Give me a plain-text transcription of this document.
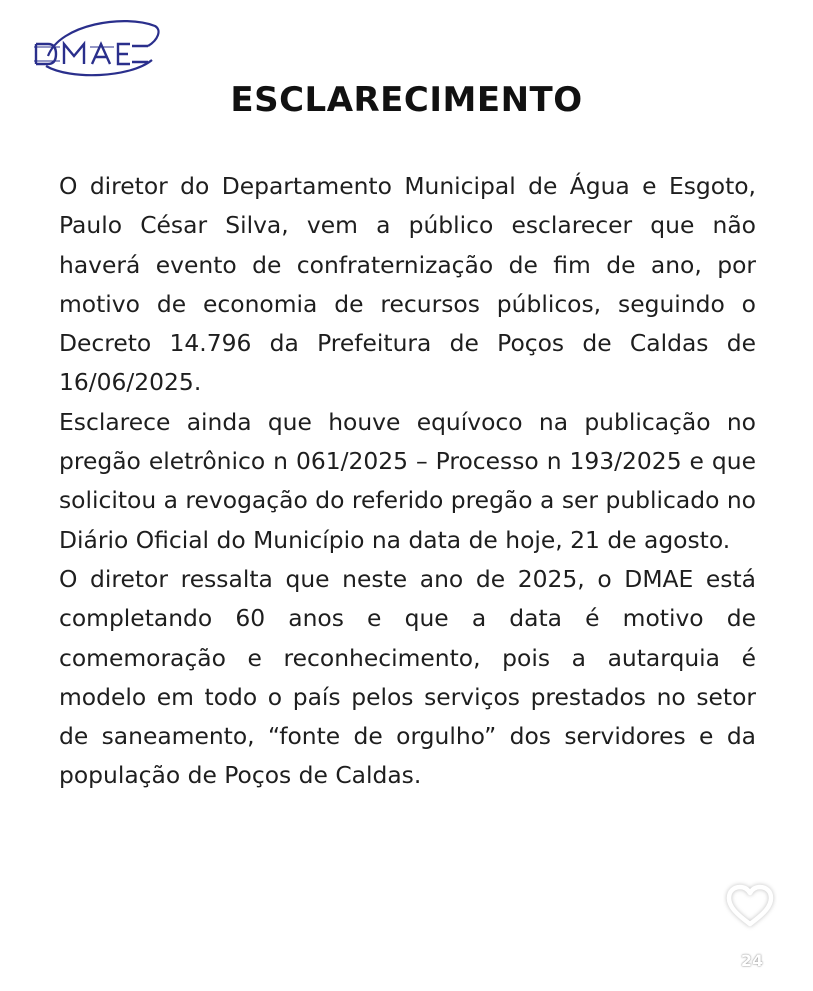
ESCLARECIMENTO

O diretor do Departamento Municipal de Água e Esgoto, Paulo César Silva, vem a público esclarecer que não haverá evento de confraternização de fim de ano, por motivo de economia de recursos públicos, seguindo o Decreto 14.796 da Prefeitura de Poços de Caldas de 16/06/2025.

Esclarece ainda que houve equívoco na publicação no pregão eletrônico n 061/2025 – Processo n 193/2025 e que solicitou a revogação do referido pregão a ser publicado no Diário Oficial do Município na data de hoje, 21 de agosto.

O diretor ressalta que neste ano de 2025, o DMAE está completando 60 anos e que a data é motivo de comemoração e reconhecimento, pois a autarquia é modelo em todo o país pelos serviços prestados no setor de saneamento, “fonte de orgulho” dos servidores e da população de Poços de Caldas.

24
